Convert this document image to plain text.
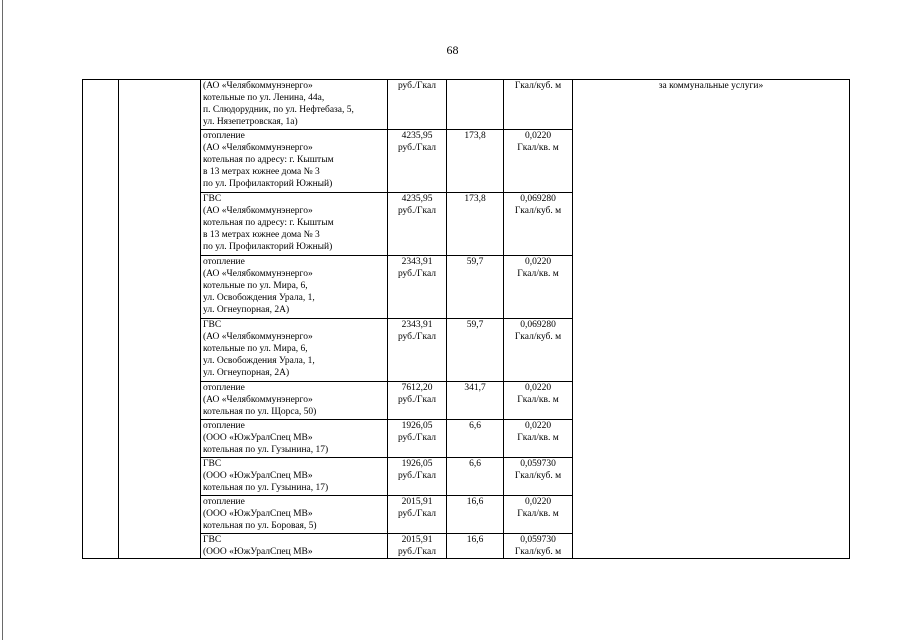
68

		(АО «Челябкоммунэнерго»
котельные по ул. Ленина, 44а,
п. Слюдорудник, по ул. Нефтебаза, 5,
ул. Нязепетровская, 1а)	руб./Гкал		Гкал/куб. м	за коммунальные услуги»

		отопление
(АО «Челябкоммунэнерго»
котельная по адресу: г. Кыштым
в 13 метрах южнее дома № 3
по ул. Профилакторий Южный)	4235,95
руб./Гкал	173,8	0,0220
Гкал/кв. м	

		ГВС
(АО «Челябкоммунэнерго»
котельная по адресу: г. Кыштым
в 13 метрах южнее дома № 3
по ул. Профилакторий Южный)	4235,95
руб./Гкал	173,8	0,069280
Гкал/куб. м	

		отопление
(АО «Челябкоммунэнерго»
котельные по ул. Мира, 6,
ул. Освобождения Урала, 1,
ул. Огнеупорная, 2А)	2343,91
руб./Гкал	59,7	0,0220
Гкал/кв. м	

		ГВС
(АО «Челябкоммунэнерго»
котельные по ул. Мира, 6,
ул. Освобождения Урала, 1,
ул. Огнеупорная, 2А)	2343,91
руб./Гкал	59,7	0,069280
Гкал/куб. м	

		отопление
(АО «Челябкоммунэнерго»
котельная по ул. Щорса, 50)	7612,20
руб./Гкал	341,7	0,0220
Гкал/кв. м	

		отопление
(ООО «ЮжУралСпец МВ»
котельная по ул. Гузынина, 17)	1926,05
руб./Гкал	6,6	0,0220
Гкал/кв. м	

		ГВС
(ООО «ЮжУралСпец МВ»
котельная по ул. Гузынина, 17)	1926,05
руб./Гкал	6,6	0,059730
Гкал/куб. м	

		отопление
(ООО «ЮжУралСпец МВ»
котельная по ул. Боровая, 5)	2015,91
руб./Гкал	16,6	0,0220
Гкал/кв. м	

		ГВС
(ООО «ЮжУралСпец МВ»	2015,91
руб./Гкал	16,6	0,059730
Гкал/куб. м	
